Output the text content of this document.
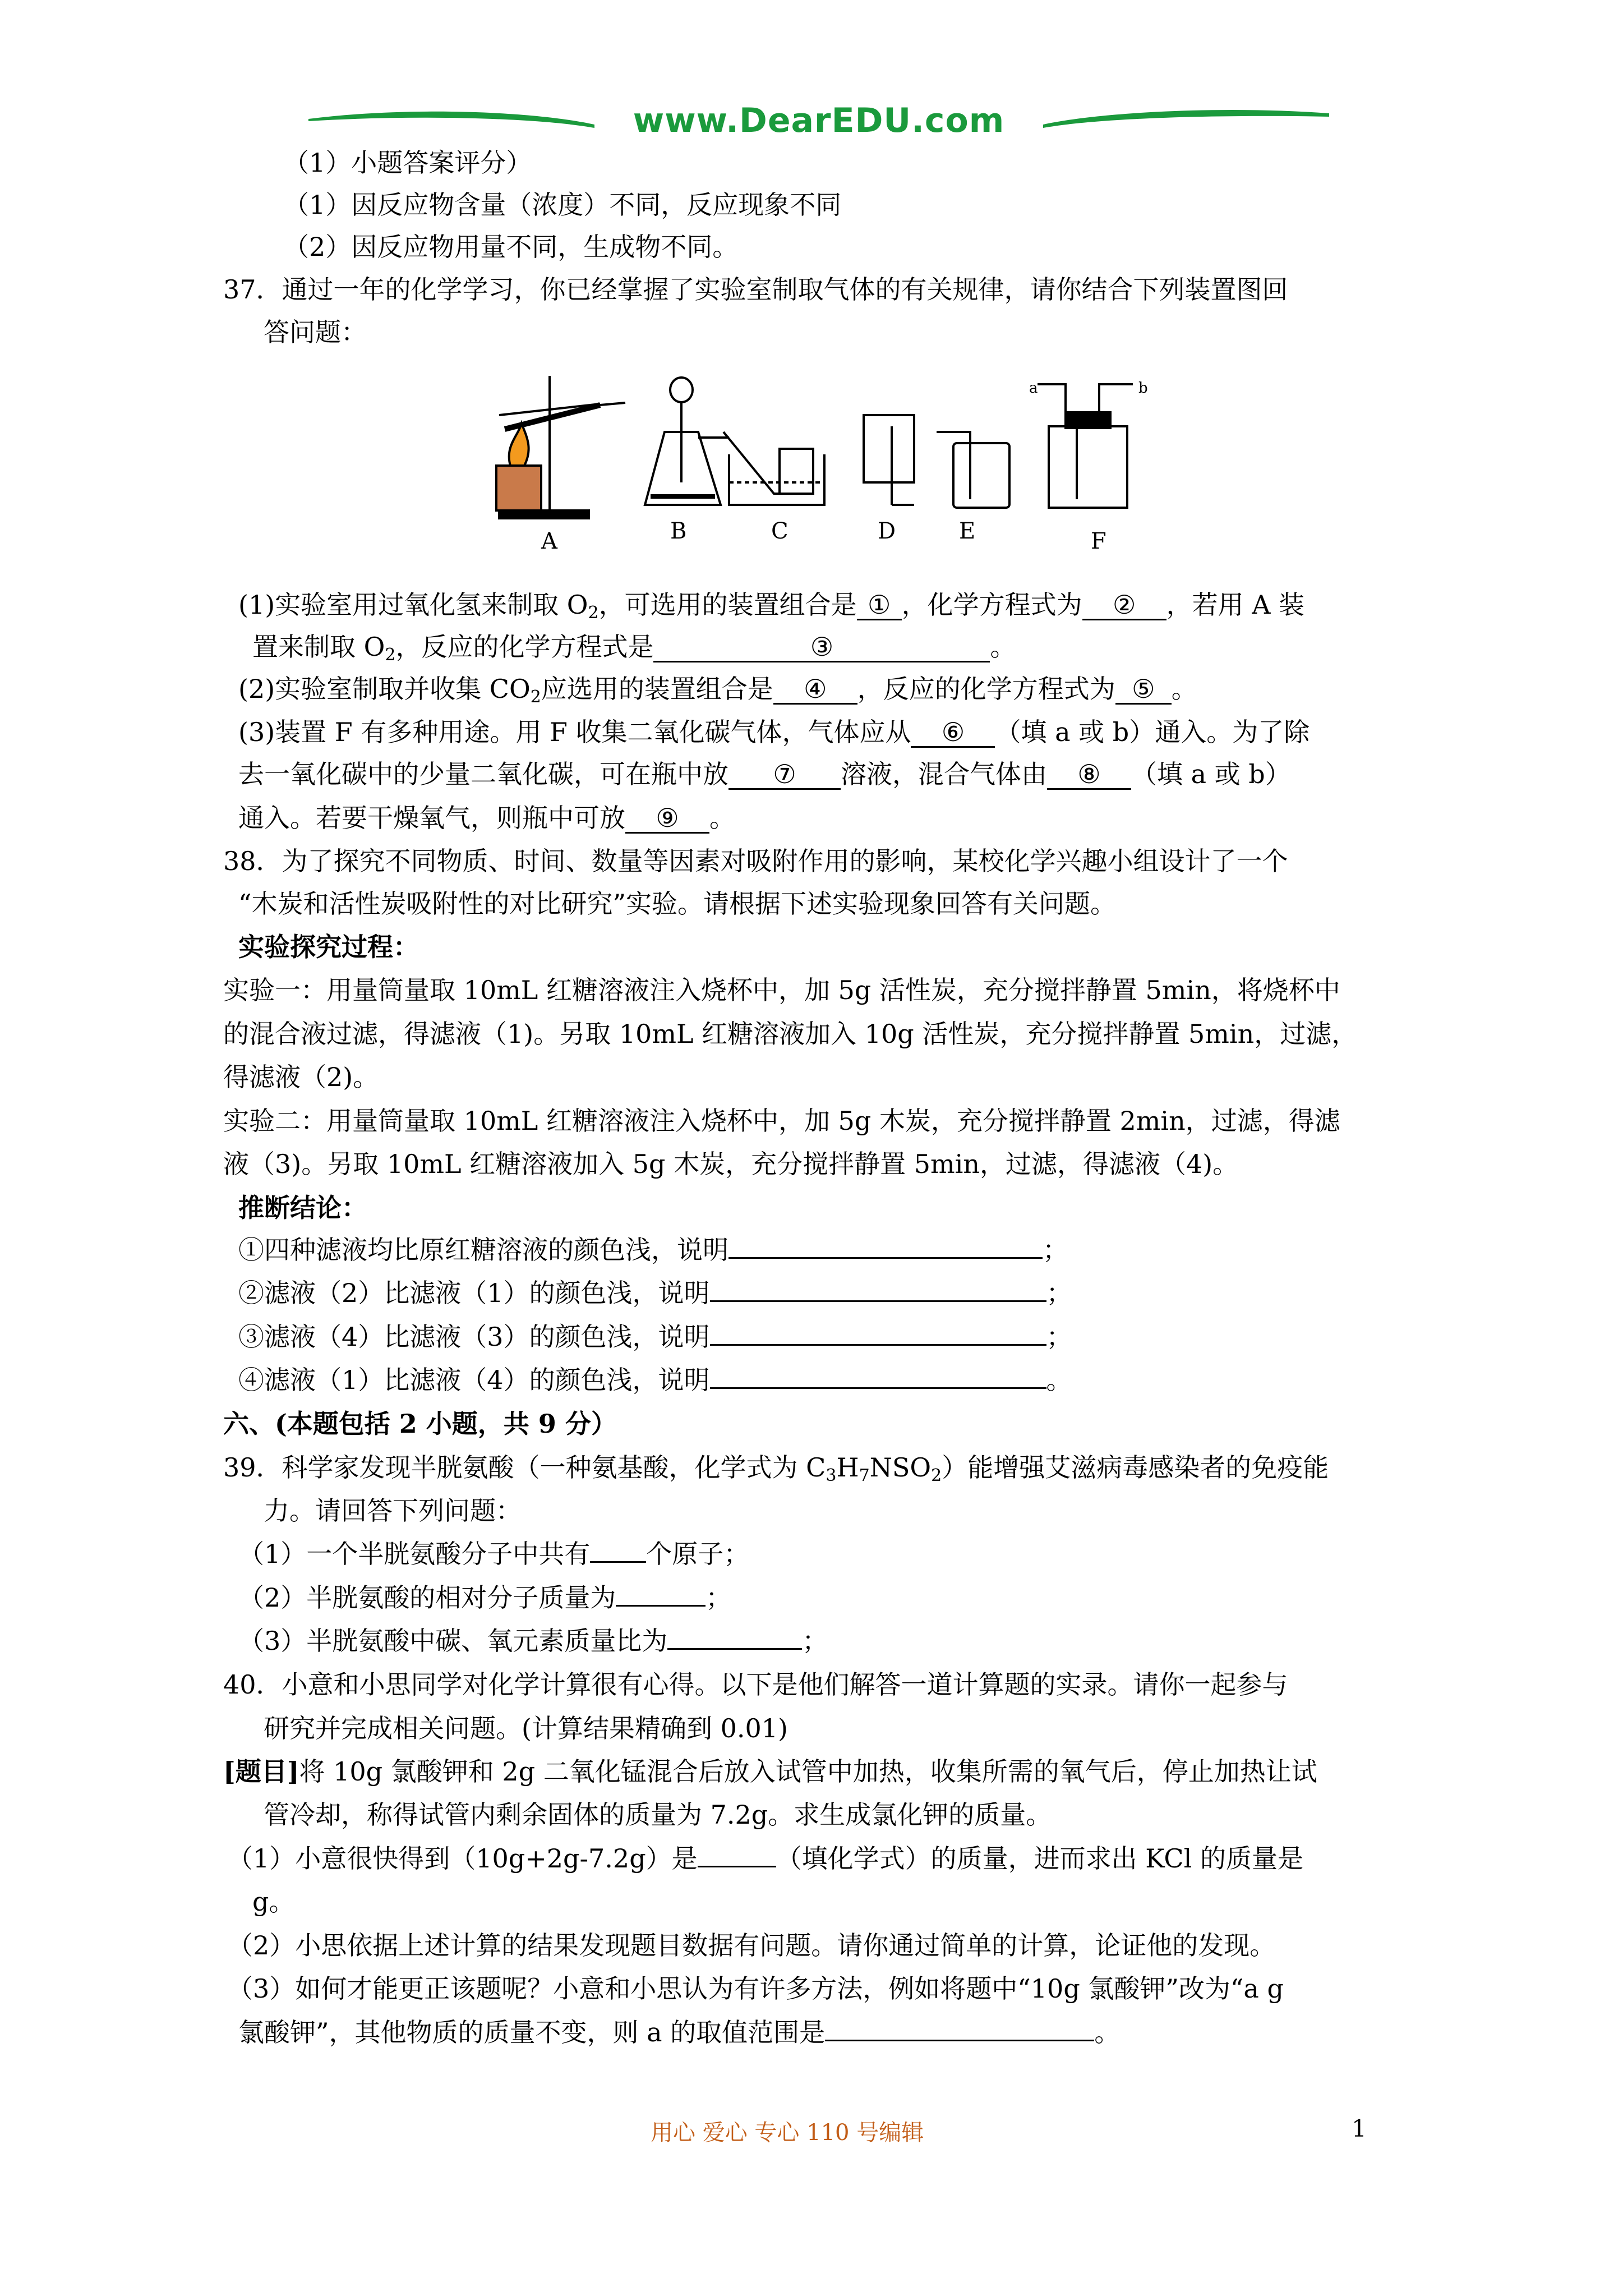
www.DearEDU.com
（1）小题答案评分）
（1）因反应物含量（浓度）不同，反应现象不同
（2）因反应物用量不同，生成物不同。
37．通过一年的化学学习，你已经掌握了实验室制取气体的有关规律，请你结合下列装置图回
答问题：
A	B	C	D	E	F
a	b
(1)实验室用过氧化氢来制取 $O_2$，可选用的装置组合是 ① ，化学方程式为 ② ，若用 A 装
置来制取 $O_2$，反应的化学方程式是	③	。
(2)实验室制取并收集 $CO_2$应选用的装置组合是 ④ ，反应的化学方程式为 ⑤ 。
(3)装置 F 有多种用途。用 F 收集二氧化碳气体，气体应从 ⑥ （填 a 或 b）通入。为了除
去一氧化碳中的少量二氧化碳，可在瓶中放 ⑦ 溶液，混合气体由 ⑧ （填 a 或 b）
通入。若要干燥氧气，则瓶中可放 ⑨ 。
38．为了探究不同物质、时间、数量等因素对吸附作用的影响，某校化学兴趣小组设计了一个
“木炭和活性炭吸附性的对比研究”实验。请根据下述实验现象回答有关问题。
实验探究过程：
实验一：用量筒量取 10mL 红糖溶液注入烧杯中，加 5g 活性炭，充分搅拌静置 5min，将烧杯中
的混合液过滤，得滤液（1)。另取 10mL 红糖溶液加入 10g 活性炭，充分搅拌静置 5min，过滤，
得滤液（2)。
实验二：用量筒量取 10mL 红糖溶液注入烧杯中，加 5g 木炭，充分搅拌静置 2min，过滤，得滤
液（3)。另取 10mL 红糖溶液加入 5g 木炭，充分搅拌静置 5min，过滤，得滤液（4)。
推断结论：
①四种滤液均比原红糖溶液的颜色浅，说明	；
②滤液（2）比滤液（1）的颜色浅，说明	；
③滤液（4）比滤液（3）的颜色浅，说明	；
④滤液（1）比滤液（4）的颜色浅，说明	。
六、(本题包括 2 小题，共 9 分）
39．科学家发现半胱氨酸（一种氨基酸，化学式为 $C_3H_7NSO_2$）能增强艾滋病毒感染者的免疫能
力。请回答下列问题：
（1）一个半胱氨酸分子中共有 个原子；
（2）半胱氨酸的相对分子质量为	；
（3）半胱氨酸中碳、氧元素质量比为	；
40．小意和小思同学对化学计算很有心得。以下是他们解答一道计算题的实录。请你一起参与
研究并完成相关问题。(计算结果精确到 0.01)
[题目]将 10g 氯酸钾和 2g 二氧化锰混合后放入试管中加热，收集所需的氧气后，停止加热让试
管冷却，称得试管内剩余固体的质量为 7.2g。求生成氯化钾的质量。
（1）小意很快得到（10g+2g-7.2g）是	（填化学式）的质量，进而求出 KCl 的质量是
g。
（2）小思依据上述计算的结果发现题目数据有问题。请你通过简单的计算，论证他的发现。
（3）如何才能更正该题呢？小意和小思认为有许多方法，例如将题中“10g 氯酸钾”改为“a g
氯酸钾”，其他物质的质量不变，则 a 的取值范围是	。
用心 爱心 专心 110 号编辑	1
